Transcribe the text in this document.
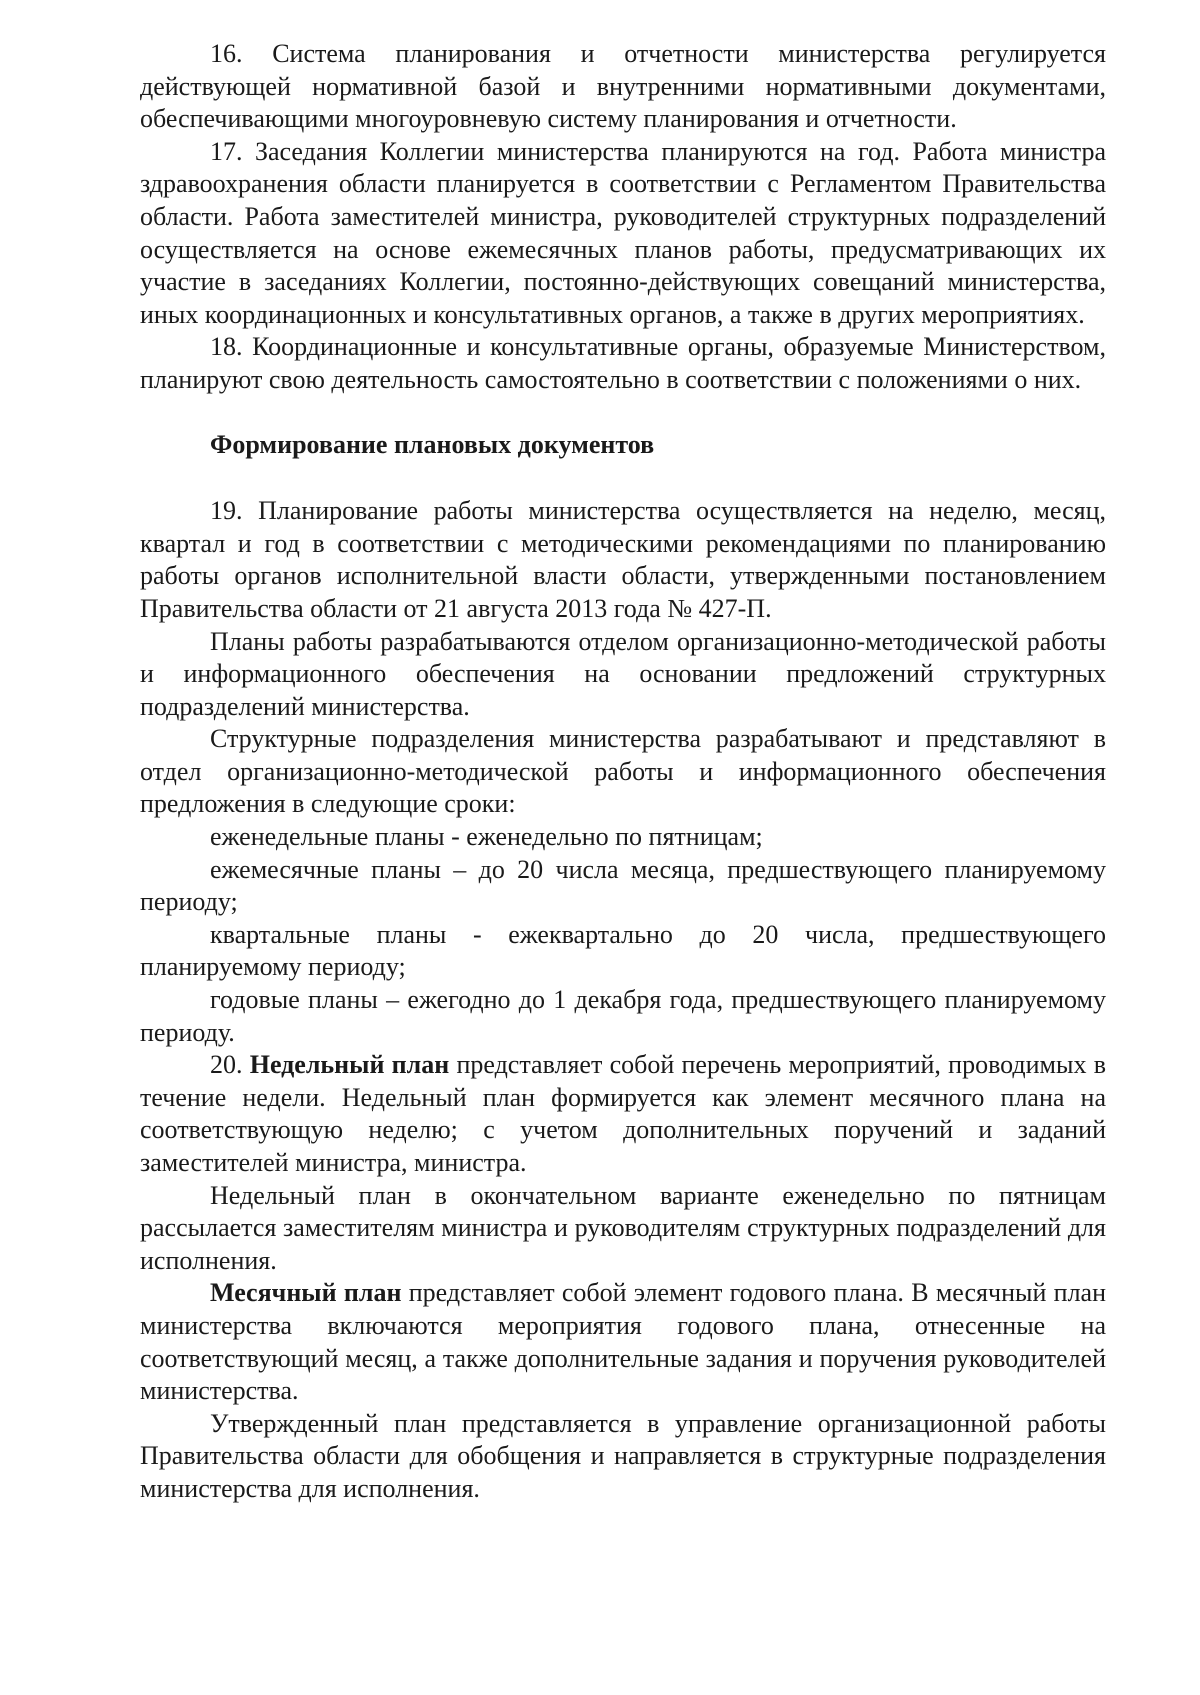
16. Система планирования и отчетности министерства регулируется действующей нормативной базой и внутренними нормативными документами, обеспечивающими многоуровневую систему планирования и отчетности.

17. Заседания Коллегии министерства планируются на год. Работа министра здравоохранения области планируется в соответствии с Регламентом Правительства области. Работа заместителей министра, руководителей структурных подразделений осуществляется на основе ежемесячных планов работы, предусматривающих их участие в заседаниях Коллегии, постоянно-действующих совещаний министерства, иных координационных и консультативных органов, а также в других мероприятиях.

18. Координационные и консультативные органы, образуемые Министерством, планируют свою деятельность самостоятельно в соответствии с положениями о них.

Формирование плановых документов

19. Планирование работы министерства осуществляется на неделю, месяц, квартал и год в соответствии с методическими рекомендациями по планированию работы органов исполнительной власти области, утвержденными постановлением Правительства области от 21 августа 2013 года № 427-П.

Планы работы разрабатываются отделом организационно-методической работы и информационного обеспечения на основании предложений структурных подразделений министерства.

Структурные подразделения министерства разрабатывают и представляют в отдел организационно-методической работы и информационного обеспечения предложения в следующие сроки:

еженедельные планы - еженедельно по пятницам;

ежемесячные планы – до 20 числа месяца, предшествующего планируемому периоду;

квартальные планы - ежеквартально до 20 числа, предшествующего планируемому периоду;

годовые планы – ежегодно до 1 декабря года, предшествующего планируемому периоду.

20. Недельный план представляет собой перечень мероприятий, проводимых в течение недели. Недельный план формируется как элемент месячного плана на соответствующую неделю; с учетом дополнительных поручений и заданий заместителей министра, министра.

Недельный план в окончательном варианте еженедельно по пятницам рассылается заместителям министра и руководителям структурных подразделений для исполнения.

Месячный план представляет собой элемент годового плана. В месячный план министерства включаются мероприятия годового плана, отнесенные на соответствующий месяц, а также дополнительные задания и поручения руководителей министерства.

Утвержденный план представляется в управление организационной работы Правительства области для обобщения и направляется в структурные подразделения министерства для исполнения.
